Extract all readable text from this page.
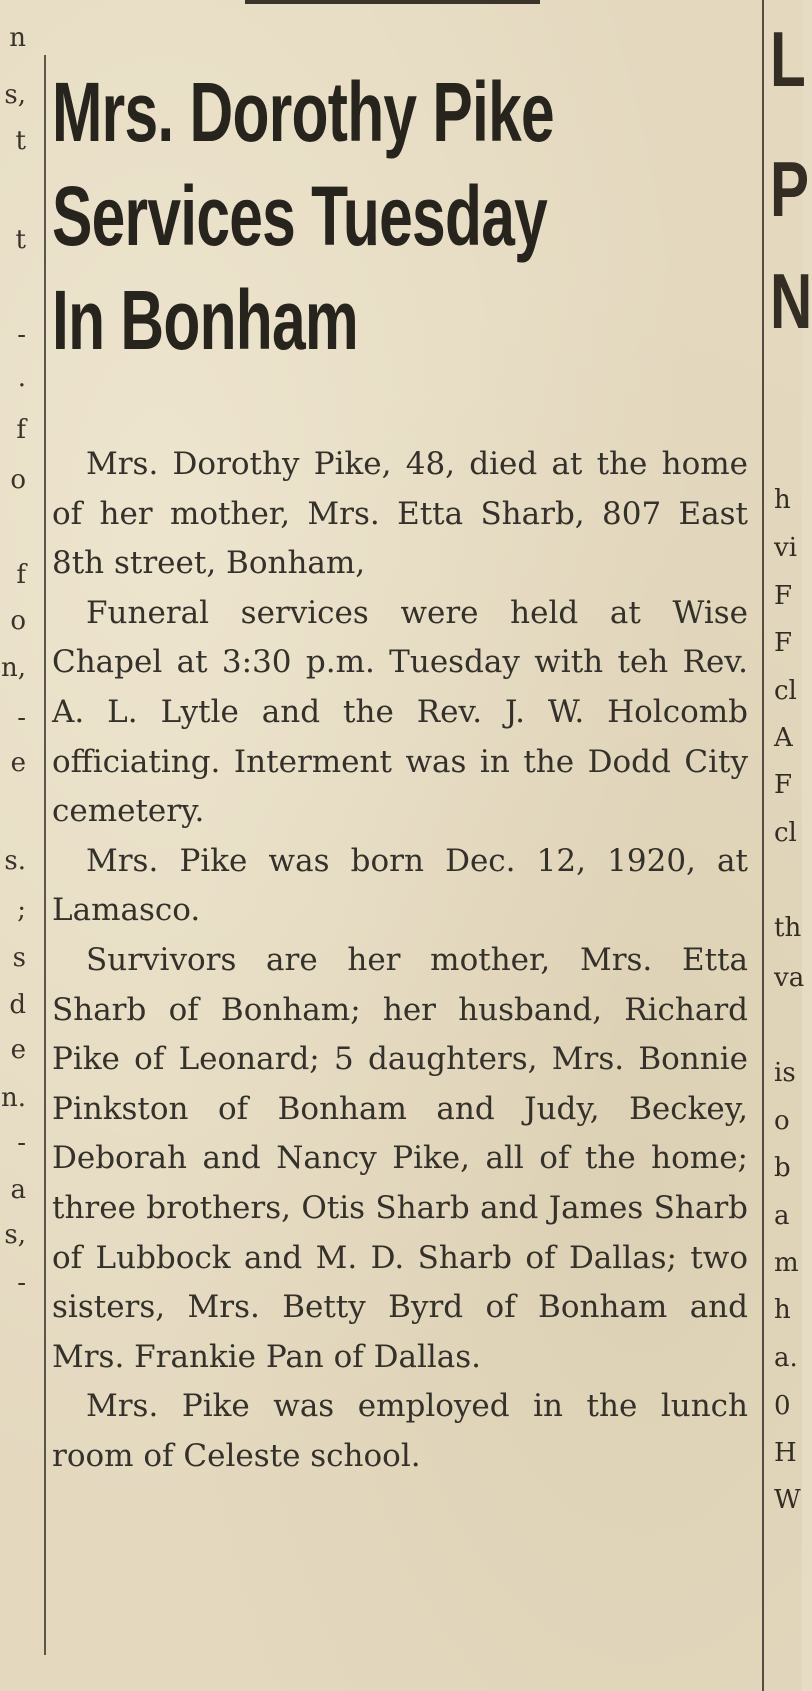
n
s,
t
t
-
.
f
o
f
o
n,
-
e
s.
;
s
d
e
n.
-
a
s,
-
L
P
N
h
vi
F
F
cl
A
F
cl
th
va
is
o
b
a
m
h
a.
0
H
W
Mrs. Dorothy Pike
Services Tuesday
In Bonham

Mrs. Dorothy Pike, 48, died at the home of her mother, Mrs. Etta Sharb, 807 East 8th street, Bonham,

Funeral services were held at Wise Chapel at 3:30 p.m. Tuesday with teh Rev. A. L. Lytle and the Rev. J. W. Holcomb officiating. Interment was in the Dodd City cemetery.

Mrs. Pike was born Dec. 12, 1920, at Lamasco.

Survivors are her mother, Mrs. Etta Sharb of Bonham; her husband, Richard Pike of Leonard; 5 daughters, Mrs. Bonnie Pinkston of Bonham and Judy, Beckey, Deborah and Nancy Pike, all of the home; three brothers, Otis Sharb and James Sharb of Lubbock and M. D. Sharb of Dallas; two sisters, Mrs. Betty Byrd of Bonham and Mrs. Frankie Pan of Dallas.

Mrs. Pike was employed in the lunch room of Celeste school.
